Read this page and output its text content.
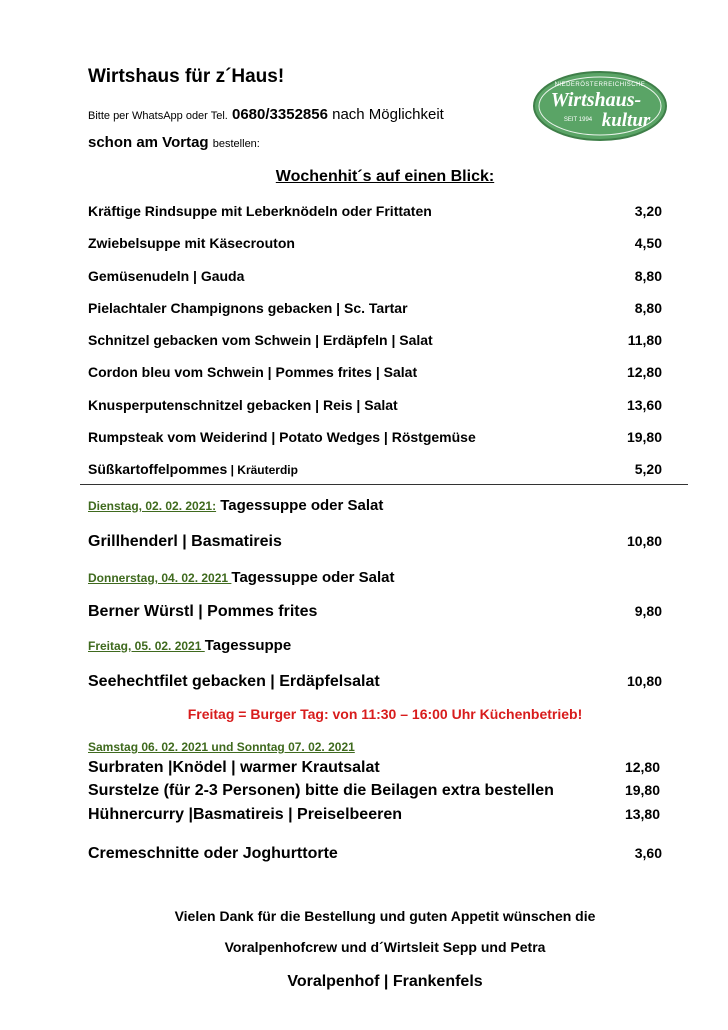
Wirtshaus für z´Haus!
Bitte per WhatsApp oder Tel. 0680/3352856 nach Möglichkeit
schon am Vortag bestellen:
NIEDERÖSTERREICHISCHE
Wirtshaus-
SEIT 1994 kultur
Wochenhit´s auf einen Blick:
Kräftige Rindsuppe mit Leberknödeln oder Frittaten	3,20
Zwiebelsuppe mit Käsecrouton	4,50
Gemüsenudeln | Gauda	8,80
Pielachtaler Champignons gebacken | Sc. Tartar	8,80
Schnitzel gebacken vom Schwein | Erdäpfeln | Salat	11,80
Cordon bleu vom Schwein | Pommes frites | Salat	12,80
Knusperputenschnitzel gebacken | Reis | Salat	13,60
Rumpsteak vom Weiderind | Potato Wedges | Röstgemüse	19,80
Süßkartoffelpommes | Kräuterdip	5,20
Dienstag, 02. 02. 2021: Tagessuppe oder Salat
Grillhenderl | Basmatireis	10,80
Donnerstag, 04. 02. 2021 Tagessuppe oder Salat
Berner Würstl | Pommes frites	9,80
Freitag, 05. 02. 2021 Tagessuppe
Seehechtfilet gebacken | Erdäpfelsalat	10,80
Freitag = Burger Tag: von 11:30 – 16:00 Uhr Küchenbetrieb!
Samstag 06. 02. 2021 und Sonntag 07. 02. 2021
Surbraten |Knödel | warmer Krautsalat	12,80
Surstelze (für 2-3 Personen) bitte die Beilagen extra bestellen	19,80
Hühnercurry |Basmatireis | Preiselbeeren	13,80
Cremeschnitte oder Joghurttorte	3,60
Vielen Dank für die Bestellung und guten Appetit wünschen die
Voralpenhofcrew und d´Wirtsleit Sepp und Petra
Voralpenhof | Frankenfels
